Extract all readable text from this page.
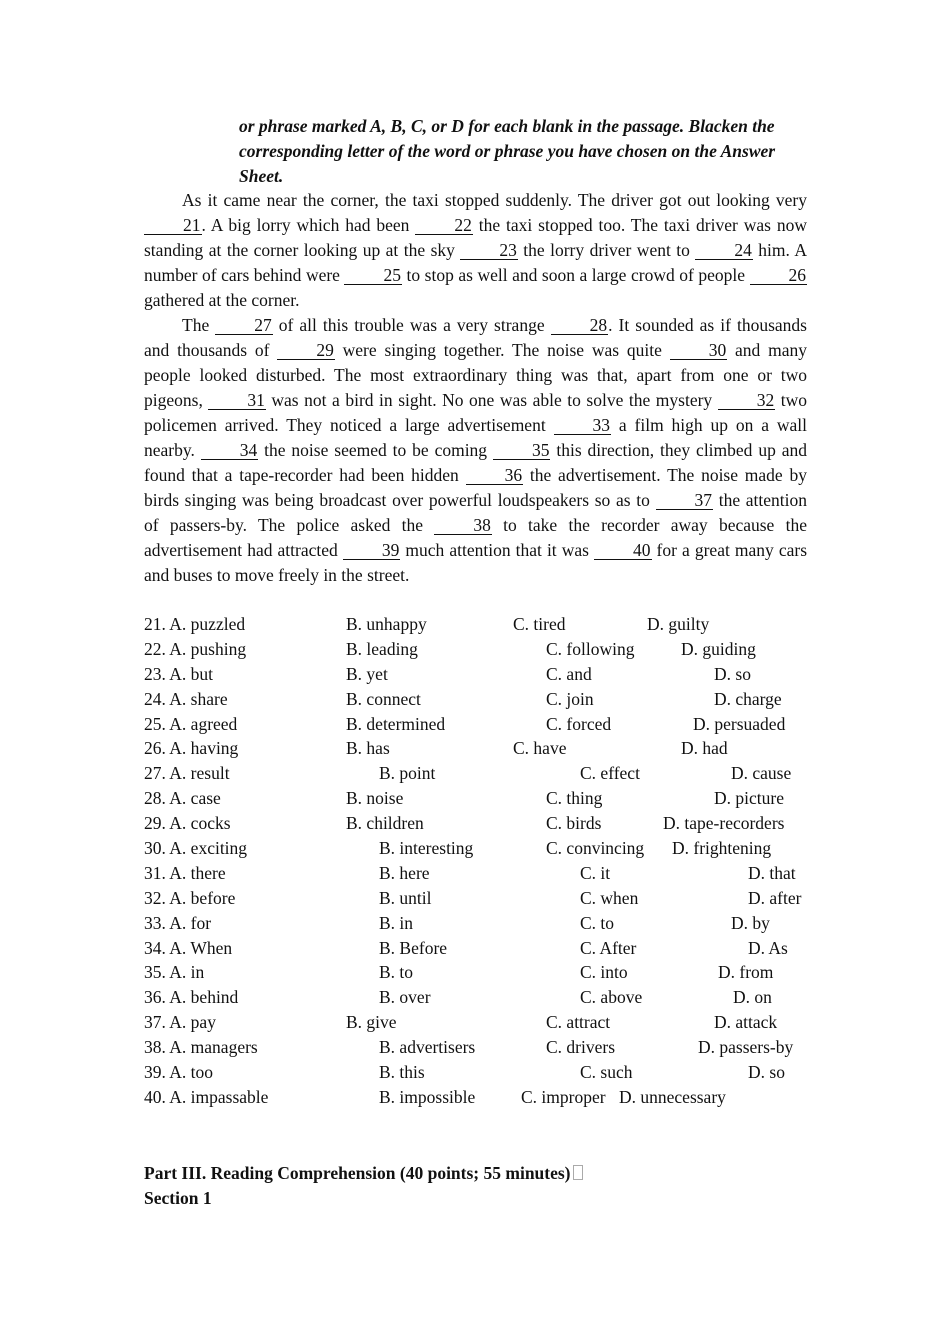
or phrase marked A, B, C, or D for each blank in the passage. Blacken the corresponding letter of the word or phrase you have chosen on the Answer Sheet.

As it came near the corner, the taxi stopped suddenly. The driver got out looking very 21. A big lorry which had been 22 the taxi stopped too. The taxi driver was now standing at the corner looking up at the sky 23 the lorry driver went to 24 him. A number of cars behind were 25 to stop as well and soon a large crowd of people 26 gathered at the corner.

The 27 of all this trouble was a very strange 28. It sounded as if thousands and thousands of 29 were singing together. The noise was quite 30 and many people looked disturbed. The most extraordinary thing was that, apart from one or two pigeons, 31 was not a bird in sight. No one was able to solve the mystery 32 two policemen arrived. They noticed a large advertisement 33 a film high up on a wall nearby. 34 the noise seemed to be coming 35 this direction, they climbed up and found that a tape-recorder had been hidden 36 the advertisement. The noise made by birds singing was being broadcast over powerful loudspeakers so as to 37 the attention of passers-by. The police asked the 38 to take the recorder away because the advertisement had attracted 39 much attention that it was 40 for a great many cars and buses to move freely in the street.

21. A. puzzled	B. unhappy	C. tired	D. guilty
22. A. pushing	B. leading	C. following	D. guiding
23. A. but	B. yet	C. and	D. so
24. A. share	B. connect	C. join	D. charge
25. A. agreed	B. determined	C. forced	D. persuaded
26. A. having	B. has	C. have	D. had
27. A. result	B. point	C. effect	D. cause
28. A. case	B. noise	C. thing	D. picture
29. A. cocks	B. children	C. birds	D. tape-recorders
30. A. exciting	B. interesting	C. convincing D. frightening
31. A. there	B. here	C. it	D. that
32. A. before	B. until	C. when	D. after
33. A. for	B. in	C. to	D. by
34. A. When	B. Before	C. After	D. As
35. A. in	B. to	C. into	D. from
36. A. behind	B. over	C. above	D. on
37. A. pay	B. give	C. attract	D. attack
38. A. managers	B. advertisers	C. drivers	D. passers-by
39. A. too	B. this	C. such	D. so
40. A. impassable	B. impossible	C. improper D. unnecessary
Part III. Reading Comprehension (40 points; 55 minutes)
Section 1
